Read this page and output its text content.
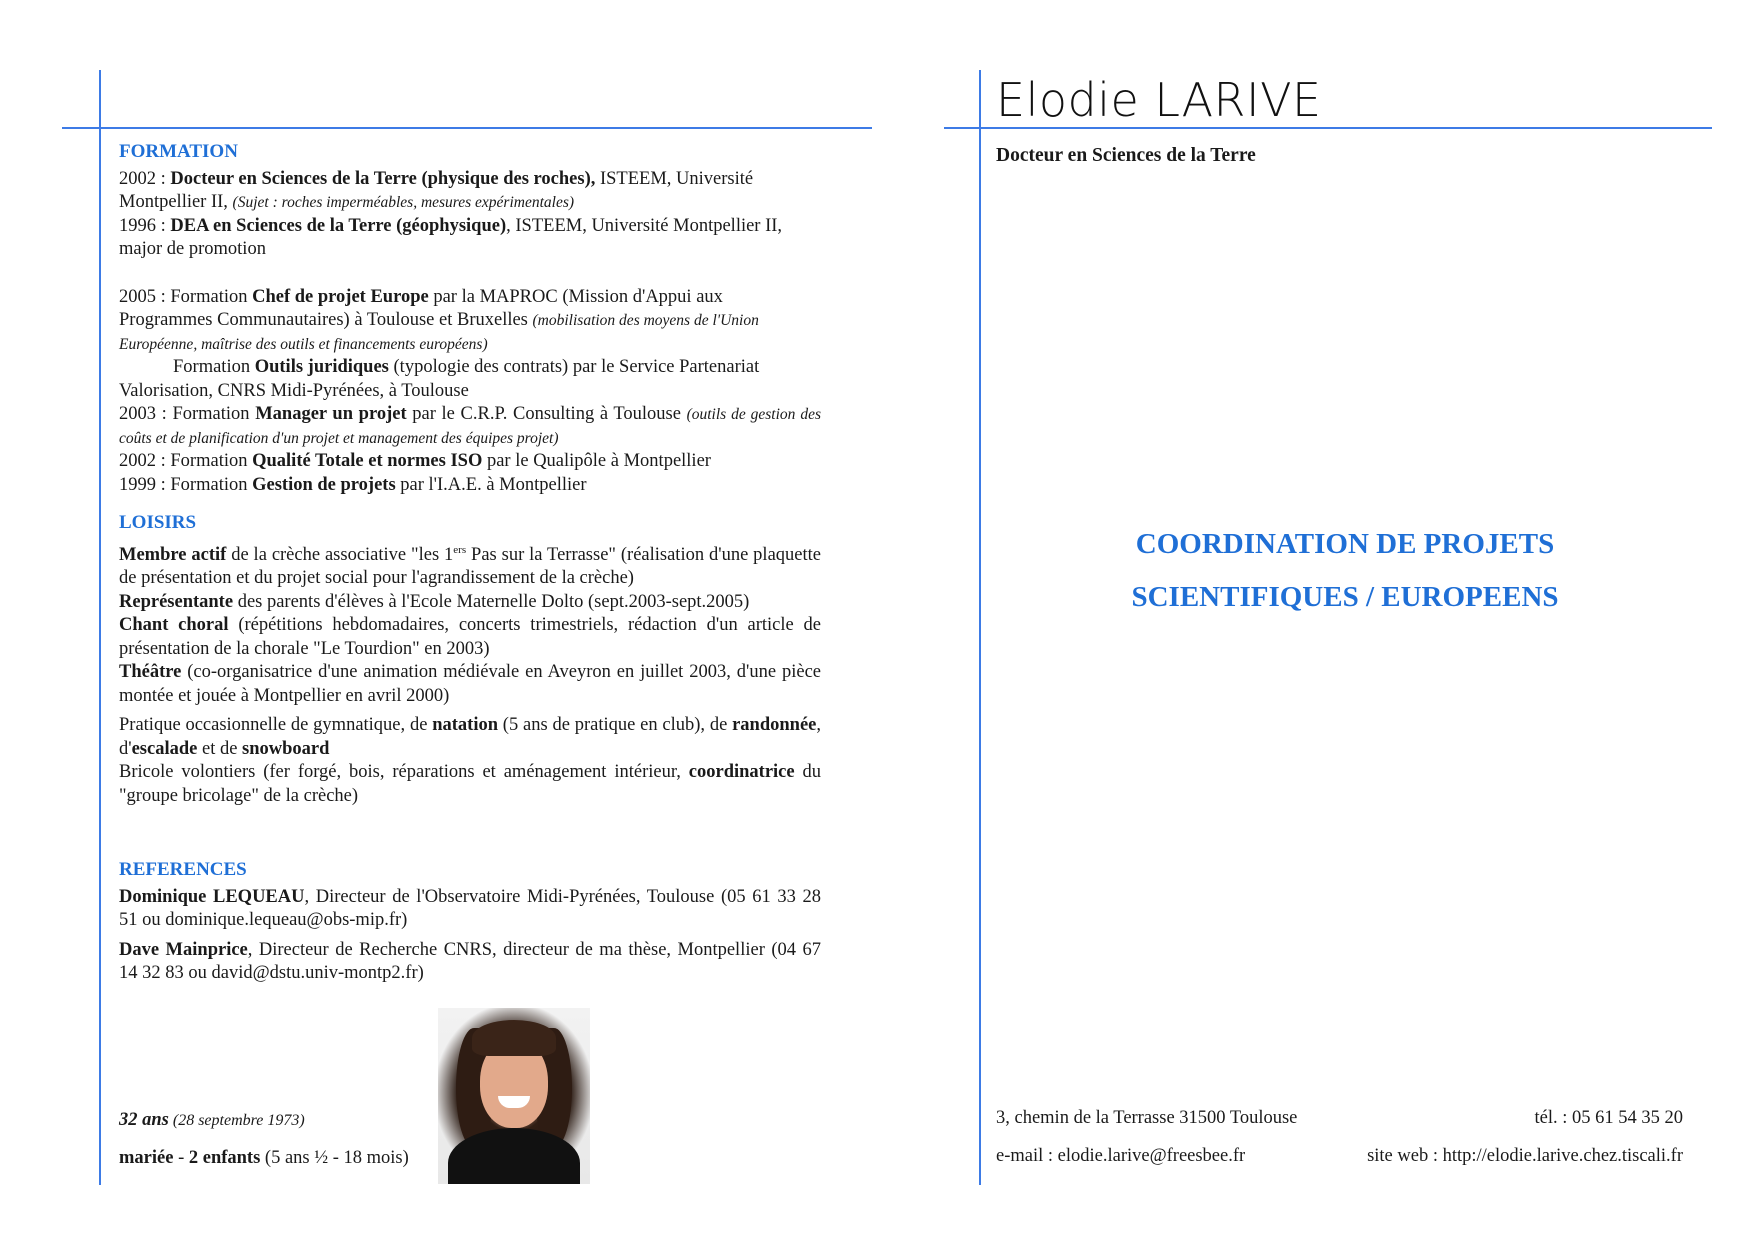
FORMATION

2002 : Docteur en Sciences de la Terre (physique des roches), ISTEEM, Université Montpellier II, (Sujet : roches imperméables, mesures expérimentales)

1996 : DEA en Sciences de la Terre (géophysique), ISTEEM, Université Montpellier II, major de promotion

2005 : Formation Chef de projet Europe par la MAPROC (Mission d'Appui aux Programmes Communautaires) à Toulouse et Bruxelles (mobilisation des moyens de l'Union Européenne, maîtrise des outils et financements européens)

Formation Outils juridiques (typologie des contrats) par le Service Partenariat Valorisation, CNRS Midi-Pyrénées, à Toulouse

2003 : Formation Manager un projet par le C.R.P. Consulting à Toulouse (outils de gestion des coûts et de planification d'un projet et management des équipes projet)

2002 : Formation Qualité Totale et normes ISO par le Qualipôle à Montpellier

1999 : Formation Gestion de projets par l'I.A.E. à Montpellier

LOISIRS

Membre actif de la crèche associative "les 1ers Pas sur la Terrasse" (réalisation d'une plaquette de présentation et du projet social pour l'agrandissement de la crèche)

Représentante des parents d'élèves à l'Ecole Maternelle Dolto (sept.2003-sept.2005)

Chant choral (répétitions hebdomadaires, concerts trimestriels, rédaction d'un article de présentation de la chorale "Le Tourdion" en 2003)

Théâtre (co-organisatrice d'une animation médiévale en Aveyron en juillet 2003, d'une pièce montée et jouée à Montpellier en avril 2000)

Pratique occasionnelle de gymnatique, de natation (5 ans de pratique en club), de randonnée, d'escalade et de snowboard

Bricole volontiers (fer forgé, bois, réparations et aménagement intérieur, coordinatrice du "groupe bricolage" de la crèche)

REFERENCES

Dominique LEQUEAU, Directeur de l'Observatoire Midi-Pyrénées, Toulouse (05 61 33 28 51 ou dominique.lequeau@obs-mip.fr)

Dave Mainprice, Directeur de Recherche CNRS, directeur de ma thèse, Montpellier (04 67 14 32 83 ou david@dstu.univ-montp2.fr)

32 ans (28 septembre 1973)
mariée - 2 enfants (5 ans ½ - 18 mois)
Elodie LARIVE
Docteur en Sciences de la Terre
COORDINATION DE PROJETS
SCIENTIFIQUES / EUROPEENS
3, chemin de la Terrasse 31500 Toulouse	tél. : 05 61 54 35 20
e-mail : elodie.larive@freesbee.fr	site web : http://elodie.larive.chez.tiscali.fr
